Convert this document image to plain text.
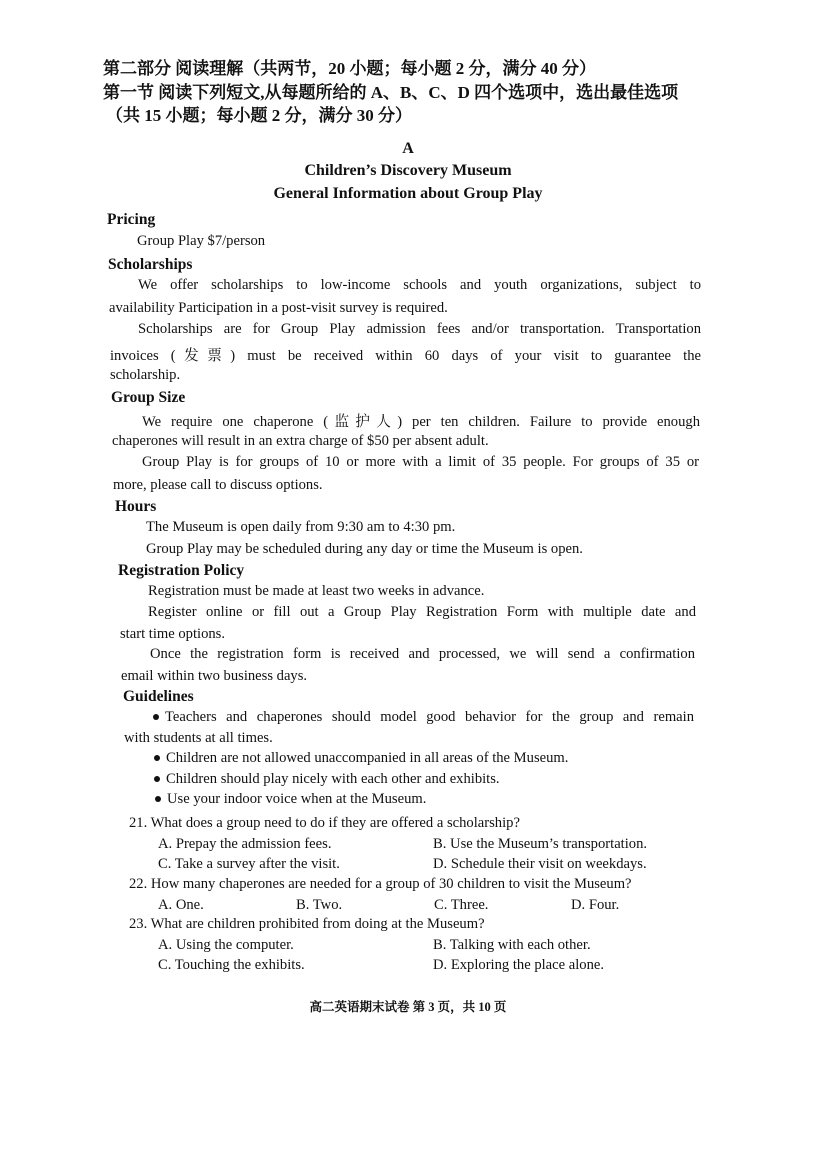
第二部分 阅读理解（共两节，20 小题；每小题 2 分，满分 40 分）
第一节 阅读下列短文,从每题所给的 A、B、C、D 四个选项中，选出最佳选项
（共 15 小题；每小题 2 分，满分 30 分）
A
Children’s Discovery Museum
General Information about Group Play
Pricing
Group Play $7/person
Scholarships
We offer scholarships to low-income schools and youth organizations, subject to
availability Participation in a post-visit survey is required.
Scholarships are for Group Play admission fees and/or transportation. Transportation
invoices (发票) must be received within 60 days of your visit to guarantee the
scholarship.
Group Size
We require one chaperone (监护人) per ten children. Failure to provide enough
chaperones will result in an extra charge of $50 per absent adult.
Group Play is for groups of 10 or more with a limit of 35 people. For groups of 35 or
more, please call to discuss options.
Hours
The Museum is open daily from 9:30 am to 4:30 pm.
Group Play may be scheduled during any day or time the Museum is open.
Registration Policy
Registration must be made at least two weeks in advance.
Register online or fill out a Group Play Registration Form with multiple date and
start time options.
Once the registration form is received and processed, we will send a confirmation
email within two business days.
Guidelines
Teachers and chaperones should model good behavior for the group and remain
with students at all times.
Children are not allowed unaccompanied in all areas of the Museum.
Children should play nicely with each other and exhibits.
Use your indoor voice when at the Museum.
21. What does a group need to do if they are offered a scholarship?
A. Prepay the admission fees.	B. Use the Museum’s transportation.
C. Take a survey after the visit.	D. Schedule their visit on weekdays.
22. How many chaperones are needed for a group of 30 children to visit the Museum?
A. One.	B. Two.	C. Three.	D. Four.
23. What are children prohibited from doing at the Museum?
A. Using the computer.	B. Talking with each other.
C. Touching the exhibits.	D. Exploring the place alone.
高二英语期末试卷 第 3 页，共 10 页
